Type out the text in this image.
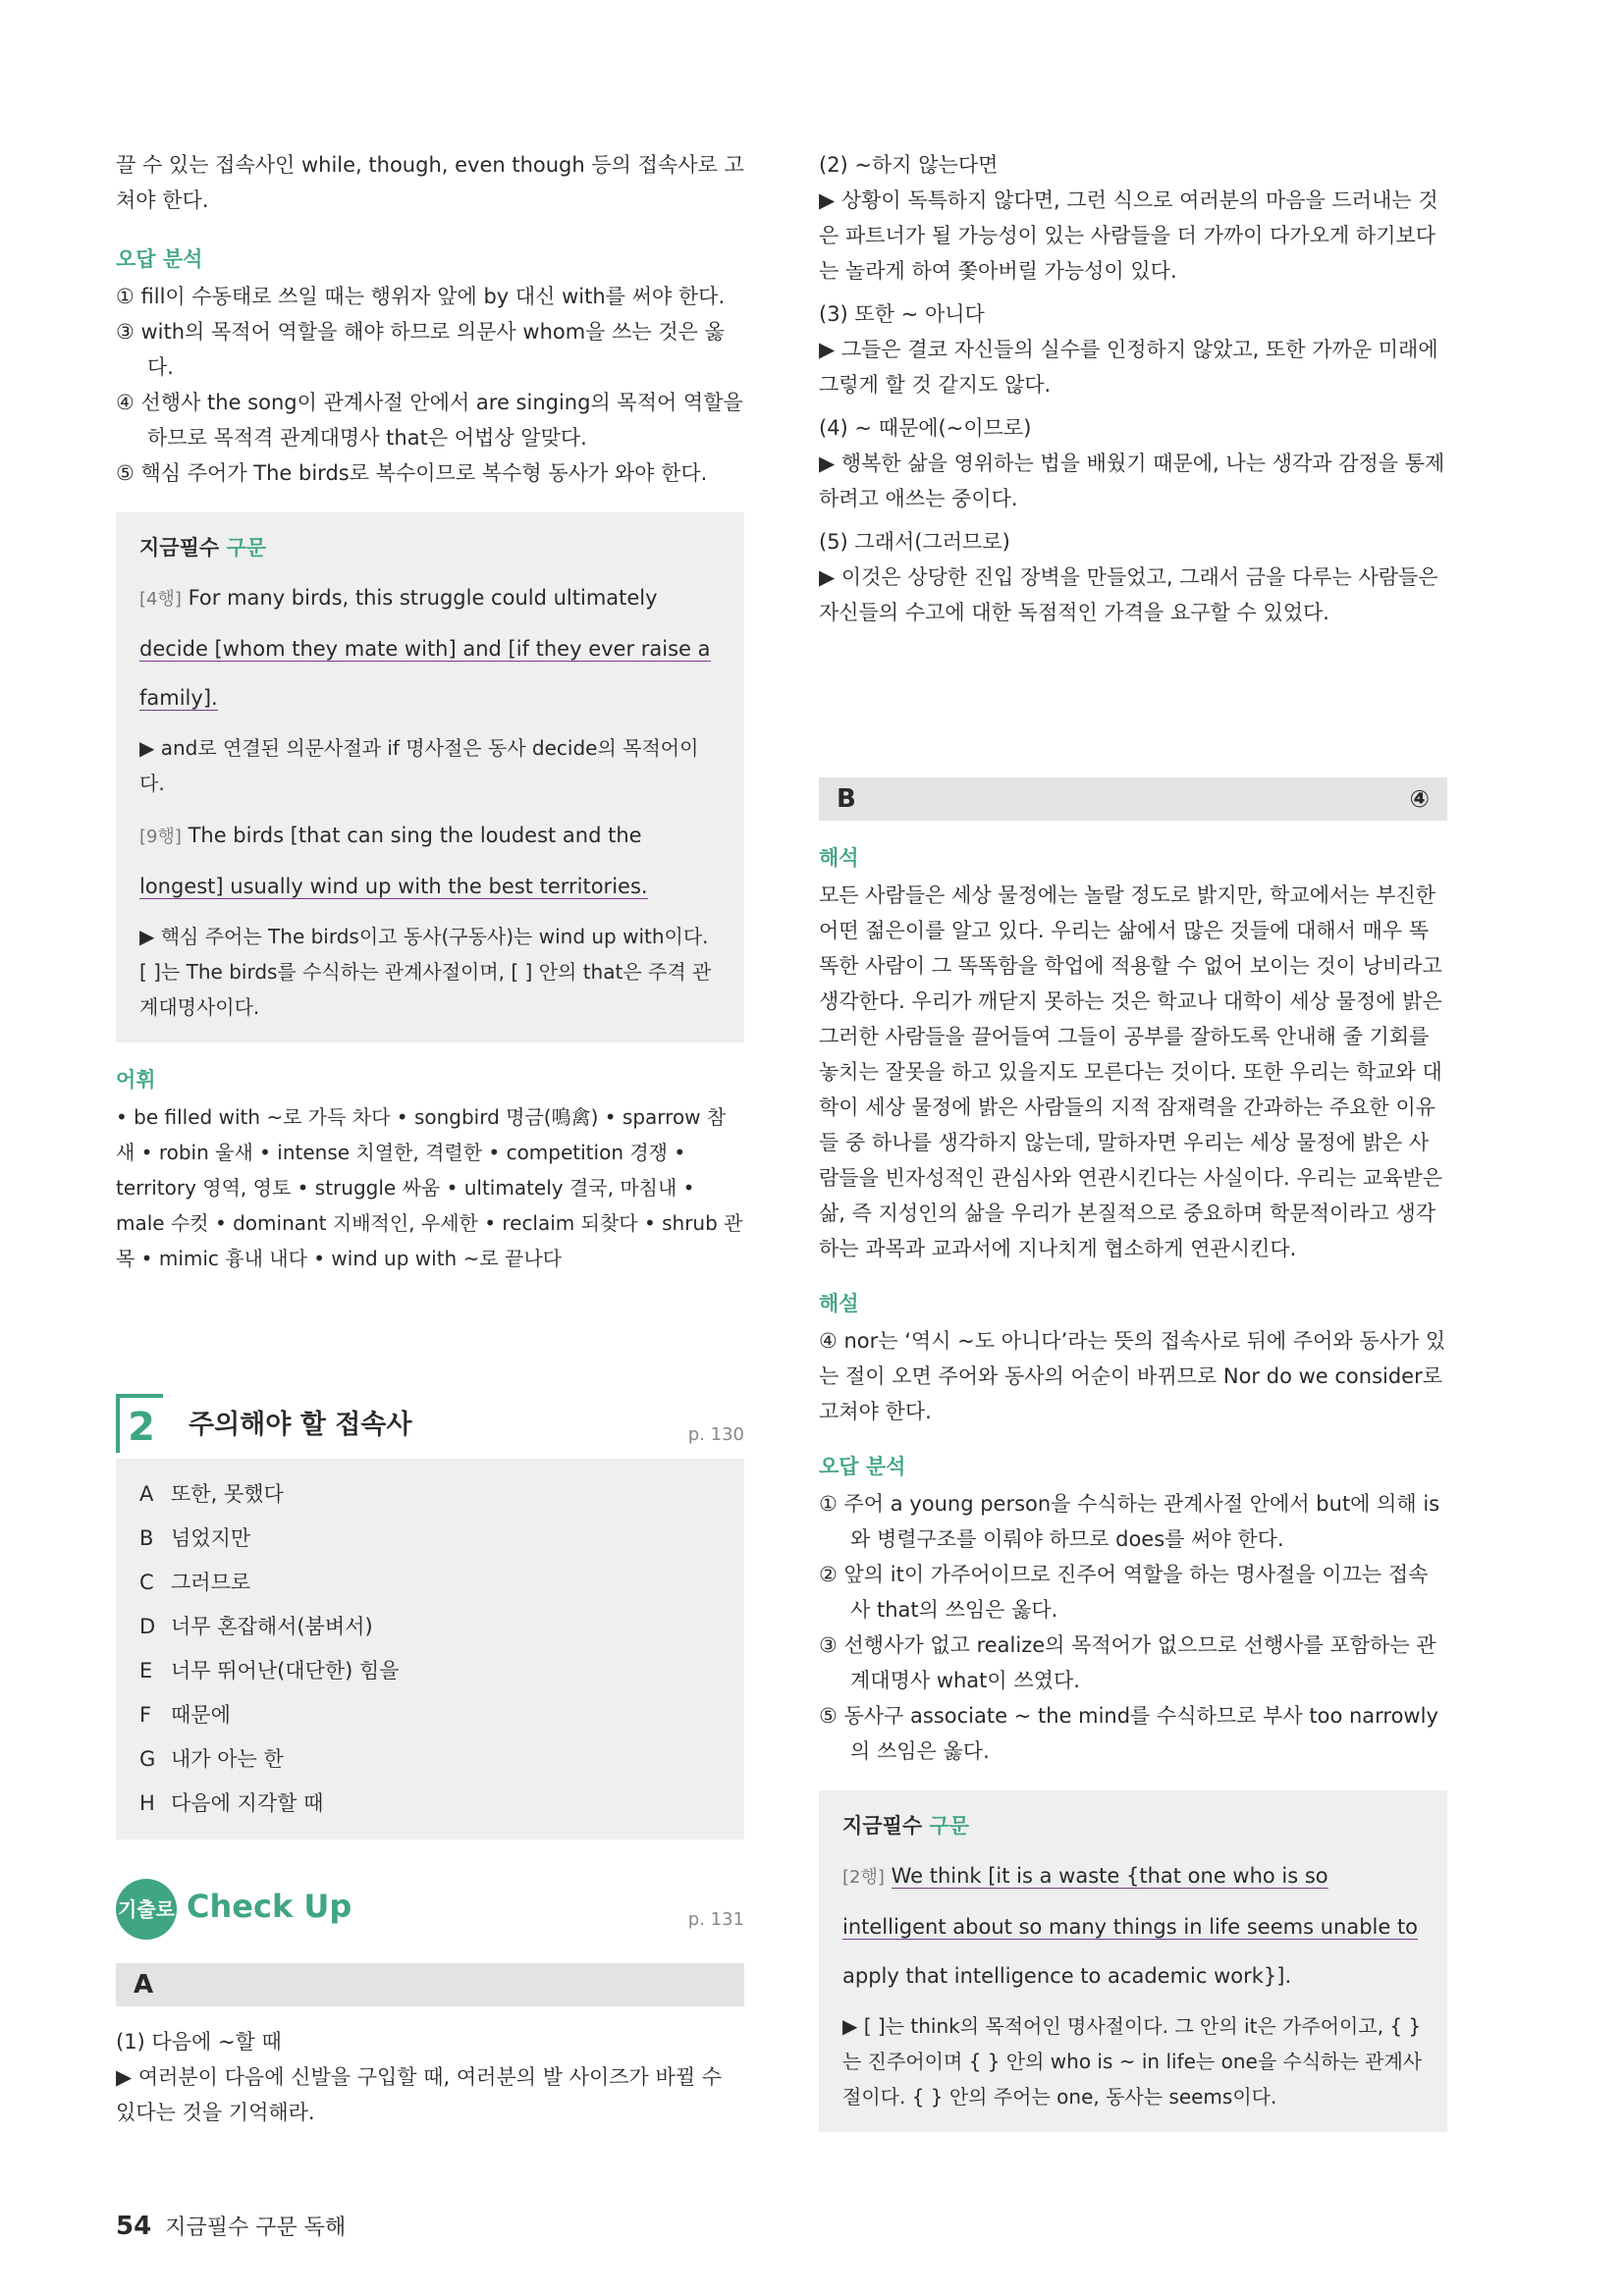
끌 수 있는 접속사인 while, though, even though 등의 접속사로 고쳐야 한다.

오답 분석

① fill이 수동태로 쓰일 때는 행위자 앞에 by 대신 with를 써야 한다.

③ with의 목적어 역할을 해야 하므로 의문사 whom을 쓰는 것은 옳다.

④ 선행사 the song이 관계사절 안에서 are singing의 목적어 역할을 하므로 목적격 관계대명사 that은 어법상 알맞다.

⑤ 핵심 주어가 The birds로 복수이므로 복수형 동사가 와야 한다.

지금필수 구문

[4행] For many birds, this struggle could ultimately

decide [whom they mate with] and [if they ever raise a

family].

▶ and로 연결된 의문사절과 if 명사절은 동사 decide의 목적어이다.

[9행] The birds [that can sing the loudest and the

longest] usually wind up with the best territories.

▶ 핵심 주어는 The birds이고 동사(구동사)는 wind up with이다. [ ]는 The birds를 수식하는 관계사절이며, [ ] 안의 that은 주격 관계대명사이다.

어휘

• be filled with ~로 가득 차다 • songbird 명금(鳴禽) • sparrow 참새 • robin 울새 • intense 치열한, 격렬한 • competition 경쟁 • territory 영역, 영토 • struggle 싸움 • ultimately 결국, 마침내 • male 수컷 • dominant 지배적인, 우세한 • reclaim 되찾다 • shrub 관목 • mimic 흉내 내다 • wind up with ~로 끝나다

2 주의해야 할 접속사	p. 130

A 또한, 못했다

B 넘었지만

C 그러므로

D 너무 혼잡해서(붐벼서)

E 너무 뛰어난(대단한) 힘을

F 때문에

G 내가 아는 한

H 다음에 지각할 때

기출로 Check Up	p. 131
A

(1) 다음에 ~할 때

▶ 여러분이 다음에 신발을 구입할 때, 여러분의 발 사이즈가 바뀔 수 있다는 것을 기억해라.

(2) ~하지 않는다면

▶ 상황이 독특하지 않다면, 그런 식으로 여러분의 마음을 드러내는 것은 파트너가 될 가능성이 있는 사람들을 더 가까이 다가오게 하기보다는 놀라게 하여 쫓아버릴 가능성이 있다.

(3) 또한 ~ 아니다

▶ 그들은 결코 자신들의 실수를 인정하지 않았고, 또한 가까운 미래에 그렇게 할 것 같지도 않다.

(4) ~ 때문에(~이므로)

▶ 행복한 삶을 영위하는 법을 배웠기 때문에, 나는 생각과 감정을 통제하려고 애쓰는 중이다.

(5) 그래서(그러므로)

▶ 이것은 상당한 진입 장벽을 만들었고, 그래서 금을 다루는 사람들은 자신들의 수고에 대한 독점적인 가격을 요구할 수 있었다.

B	④

해석

모든 사람들은 세상 물정에는 놀랄 정도로 밝지만, 학교에서는 부진한 어떤 젊은이를 알고 있다. 우리는 삶에서 많은 것들에 대해서 매우 똑똑한 사람이 그 똑똑함을 학업에 적용할 수 없어 보이는 것이 낭비라고 생각한다. 우리가 깨닫지 못하는 것은 학교나 대학이 세상 물정에 밝은 그러한 사람들을 끌어들여 그들이 공부를 잘하도록 안내해 줄 기회를 놓치는 잘못을 하고 있을지도 모른다는 것이다. 또한 우리는 학교와 대학이 세상 물정에 밝은 사람들의 지적 잠재력을 간과하는 주요한 이유들 중 하나를 생각하지 않는데, 말하자면 우리는 세상 물정에 밝은 사람들을 빈자성적인 관심사와 연관시킨다는 사실이다. 우리는 교육받은 삶, 즉 지성인의 삶을 우리가 본질적으로 중요하며 학문적이라고 생각하는 과목과 교과서에 지나치게 협소하게 연관시킨다.

해설

④ nor는 ‘역시 ~도 아니다’라는 뜻의 접속사로 뒤에 주어와 동사가 있는 절이 오면 주어와 동사의 어순이 바뀌므로 Nor do we consider로 고쳐야 한다.

오답 분석

① 주어 a young person을 수식하는 관계사절 안에서 but에 의해 is와 병렬구조를 이뤄야 하므로 does를 써야 한다.

② 앞의 it이 가주어이므로 진주어 역할을 하는 명사절을 이끄는 접속사 that의 쓰임은 옳다.

③ 선행사가 없고 realize의 목적어가 없으므로 선행사를 포함하는 관계대명사 what이 쓰였다.

⑤ 동사구 associate ~ the mind를 수식하므로 부사 too narrowly의 쓰임은 옳다.

지금필수 구문

[2행] We think [it is a waste {that one who is so

intelligent about so many things in life seems unable to

apply that intelligence to academic work}].

▶ [ ]는 think의 목적어인 명사절이다. 그 안의 it은 가주어이고, { }는 진주어이며 { } 안의 who is ~ in life는 one을 수식하는 관계사절이다. { } 안의 주어는 one, 동사는 seems이다.

54 지금필수 구문 독해
